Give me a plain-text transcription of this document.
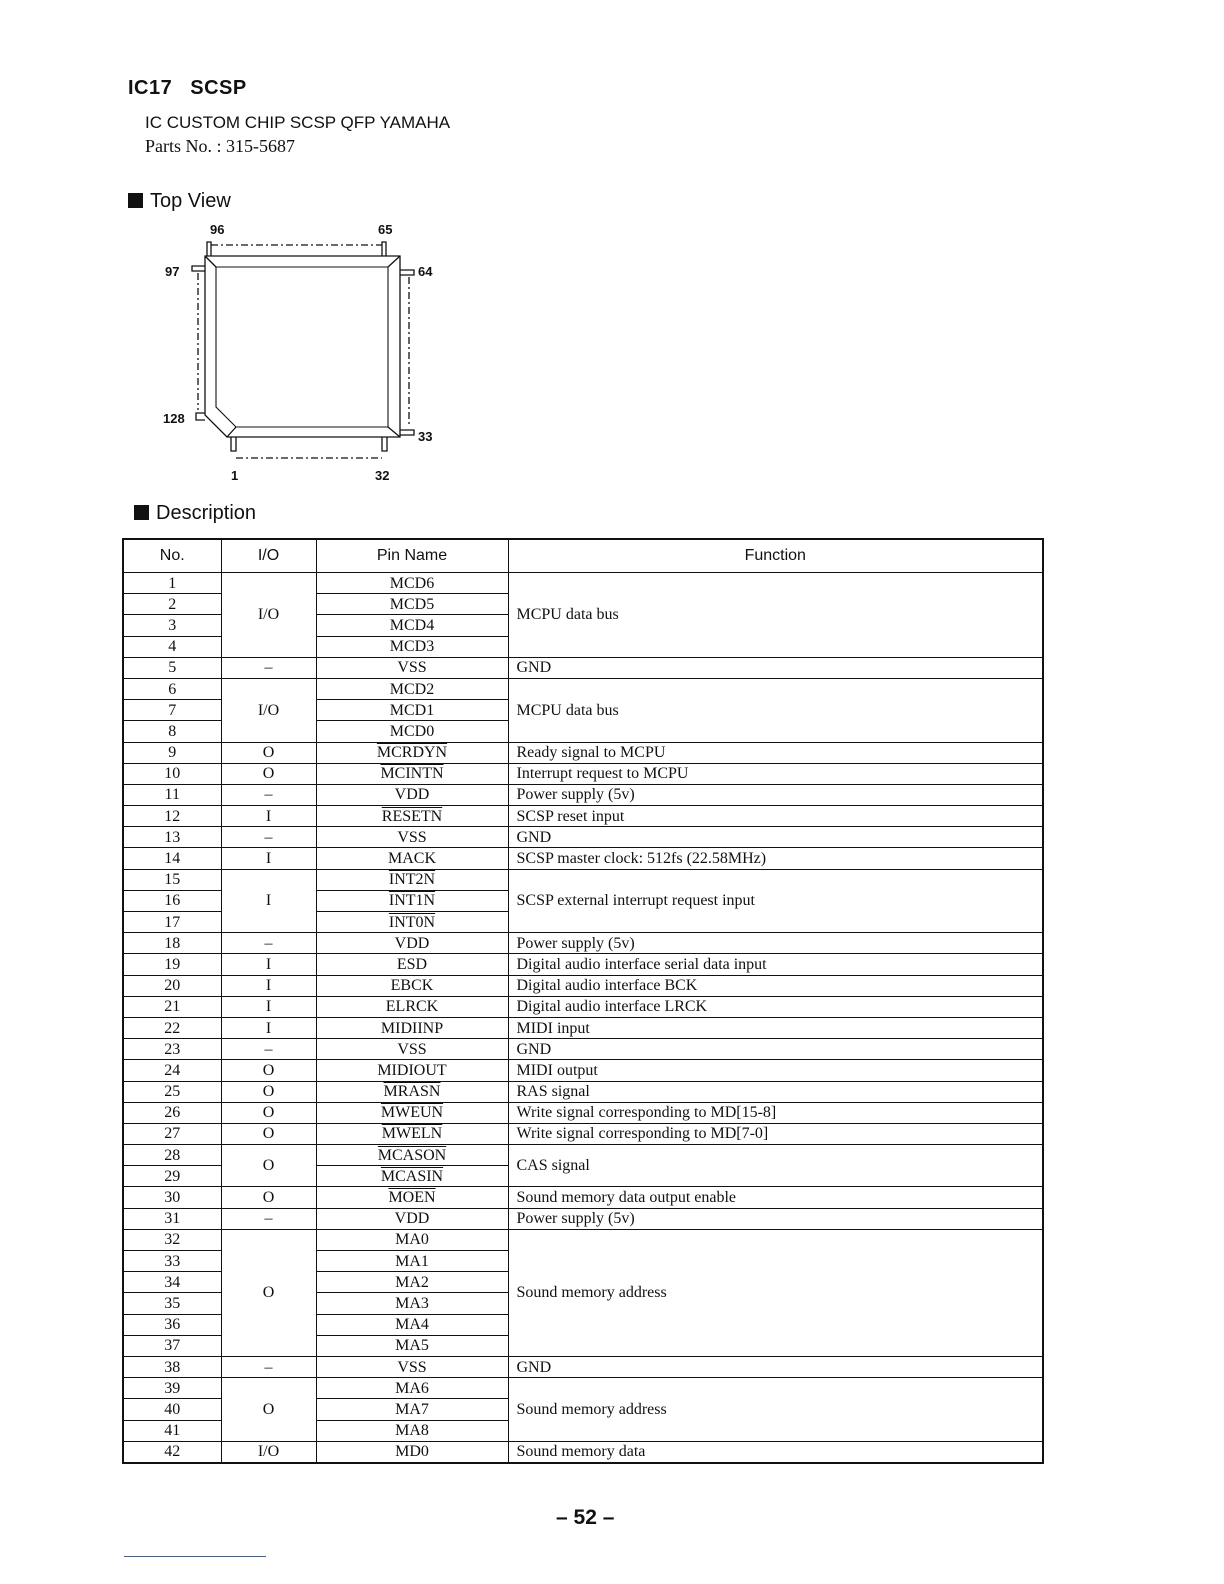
IC17 SCSP
IC CUSTOM CHIP SCSP QFP YAMAHA
Parts No. : 315-5687
Top View
96	65
97	64
128
33
1	32
Description
No.	I/O	Pin Name	Function
1	I/O	MCD6	MCPU data bus
2		MCD5	
3		MCD4	
4		MCD3	
5	–	VSS	GND
6	I/O	MCD2	MCPU data bus
7		MCD1	
8		MCD0	
9	O	MCRDYN	Ready signal to MCPU
10	O	MCINTN	Interrupt request to MCPU
11	–	VDD	Power supply (5v)
12	I	RESETN	SCSP reset input
13	–	VSS	GND
14	I	MACK	SCSP master clock: 512fs (22.58MHz)
15	I	INT2N	SCSP external interrupt request input
16		INT1N	
17		INT0N	
18	–	VDD	Power supply (5v)
19	I	ESD	Digital audio interface serial data input
20	I	EBCK	Digital audio interface BCK
21	I	ELRCK	Digital audio interface LRCK
22	I	MIDIINP	MIDI input
23	–	VSS	GND
24	O	MIDIOUT	MIDI output
25	O	MRASN	RAS signal
26	O	MWEUN	Write signal corresponding to MD[15-8]
27	O	MWELN	Write signal corresponding to MD[7-0]
28	O	MCASON	CAS signal
29		MCASIN	
30	O	MOEN	Sound memory data output enable
31	–	VDD	Power supply (5v)
32	O	MA0	Sound memory address
33		MA1	
34		MA2	
35		MA3	
36		MA4	
37		MA5	
38	–	VSS	GND
39	O	MA6	Sound memory address
40		MA7	
41		MA8	
42	I/O	MD0	Sound memory data
– 52 –
